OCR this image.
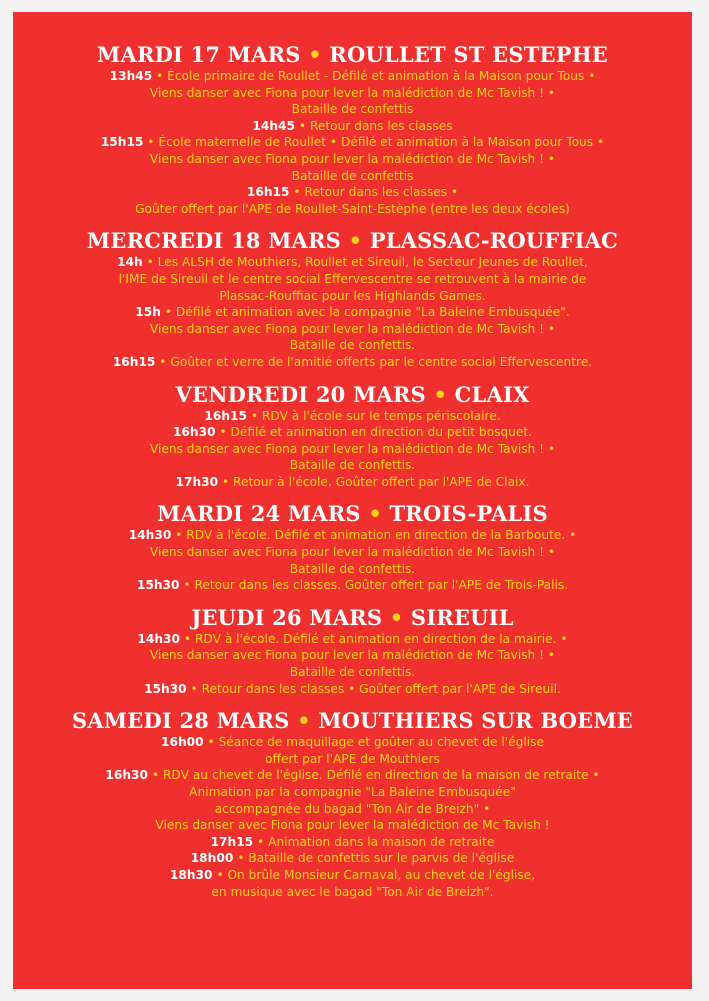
MARDI 17 MARS • ROULLET ST ESTEPHE
13h45 • École primaire de Roullet - Défilé et animation à la Maison pour Tous •
Viens danser avec Fiona pour lever la malédiction de Mc Tavish ! •
Bataille de confettis
14h45 • Retour dans les classes
15h15 • École maternelle de Roullet • Défilé et animation à la Maison pour Tous •
Viens danser avec Fiona pour lever la malédiction de Mc Tavish ! •
Bataille de confettis
16h15 • Retour dans les classes •
Goûter offert par l'APE de Roullet-Saint-Estèphe (entre les deux écoles)
MERCREDI 18 MARS • PLASSAC-ROUFFIAC
14h • Les ALSH de Mouthiers, Roullet et Sireuil, le Secteur Jeunes de Roullet,
l'IME de Sireuil et le centre social Effervescentre se retrouvent à la mairie de
Plassac-Rouffiac pour les Highlands Games.
15h • Défilé et animation avec la compagnie "La Baleine Embusquée".
Viens danser avec Fiona pour lever la malédiction de Mc Tavish ! •
Bataille de confettis.
16h15 • Goûter et verre de l'amitié offerts par le centre social Effervescentre.
VENDREDI 20 MARS • CLAIX
16h15 • RDV à l'école sur le temps périscolaire.
16h30 • Défilé et animation en direction du petit bosquet.
Viens danser avec Fiona pour lever la malédiction de Mc Tavish ! •
Bataille de confettis.
17h30 • Retour à l'école. Goûter offert par l'APE de Claix.
MARDI 24 MARS • TROIS-PALIS
14h30 • RDV à l'école. Défilé et animation en direction de la Barboute. •
Viens danser avec Fiona pour lever la malédiction de Mc Tavish ! •
Bataille de confettis.
15h30 • Retour dans les classes. Goûter offert par l'APE de Trois-Palis.
JEUDI 26 MARS • SIREUIL
14h30 • RDV à l'école. Défilé et animation en direction de la mairie. •
Viens danser avec Fiona pour lever la malédiction de Mc Tavish ! •
Bataille de confettis.
15h30 • Retour dans les classes • Goûter offert par l'APE de Sireuil.
SAMEDI 28 MARS • MOUTHIERS SUR BOEME
16h00 • Séance de maquillage et goûter au chevet de l'église
offert par l'APE de Mouthiers
16h30 • RDV au chevet de l'église. Défilé en direction de la maison de retraite •
Animation par la compagnie "La Baleine Embusquée"
accompagnée du bagad "Ton Air de Breizh" •
Viens danser avec Fiona pour lever la malédiction de Mc Tavish !
17h15 • Animation dans la maison de retraite
18h00 • Bataille de confettis sur le parvis de l'église
18h30 • On brûle Monsieur Carnaval, au chevet de l'église,
en musique avec le bagad "Ton Air de Breizh".
